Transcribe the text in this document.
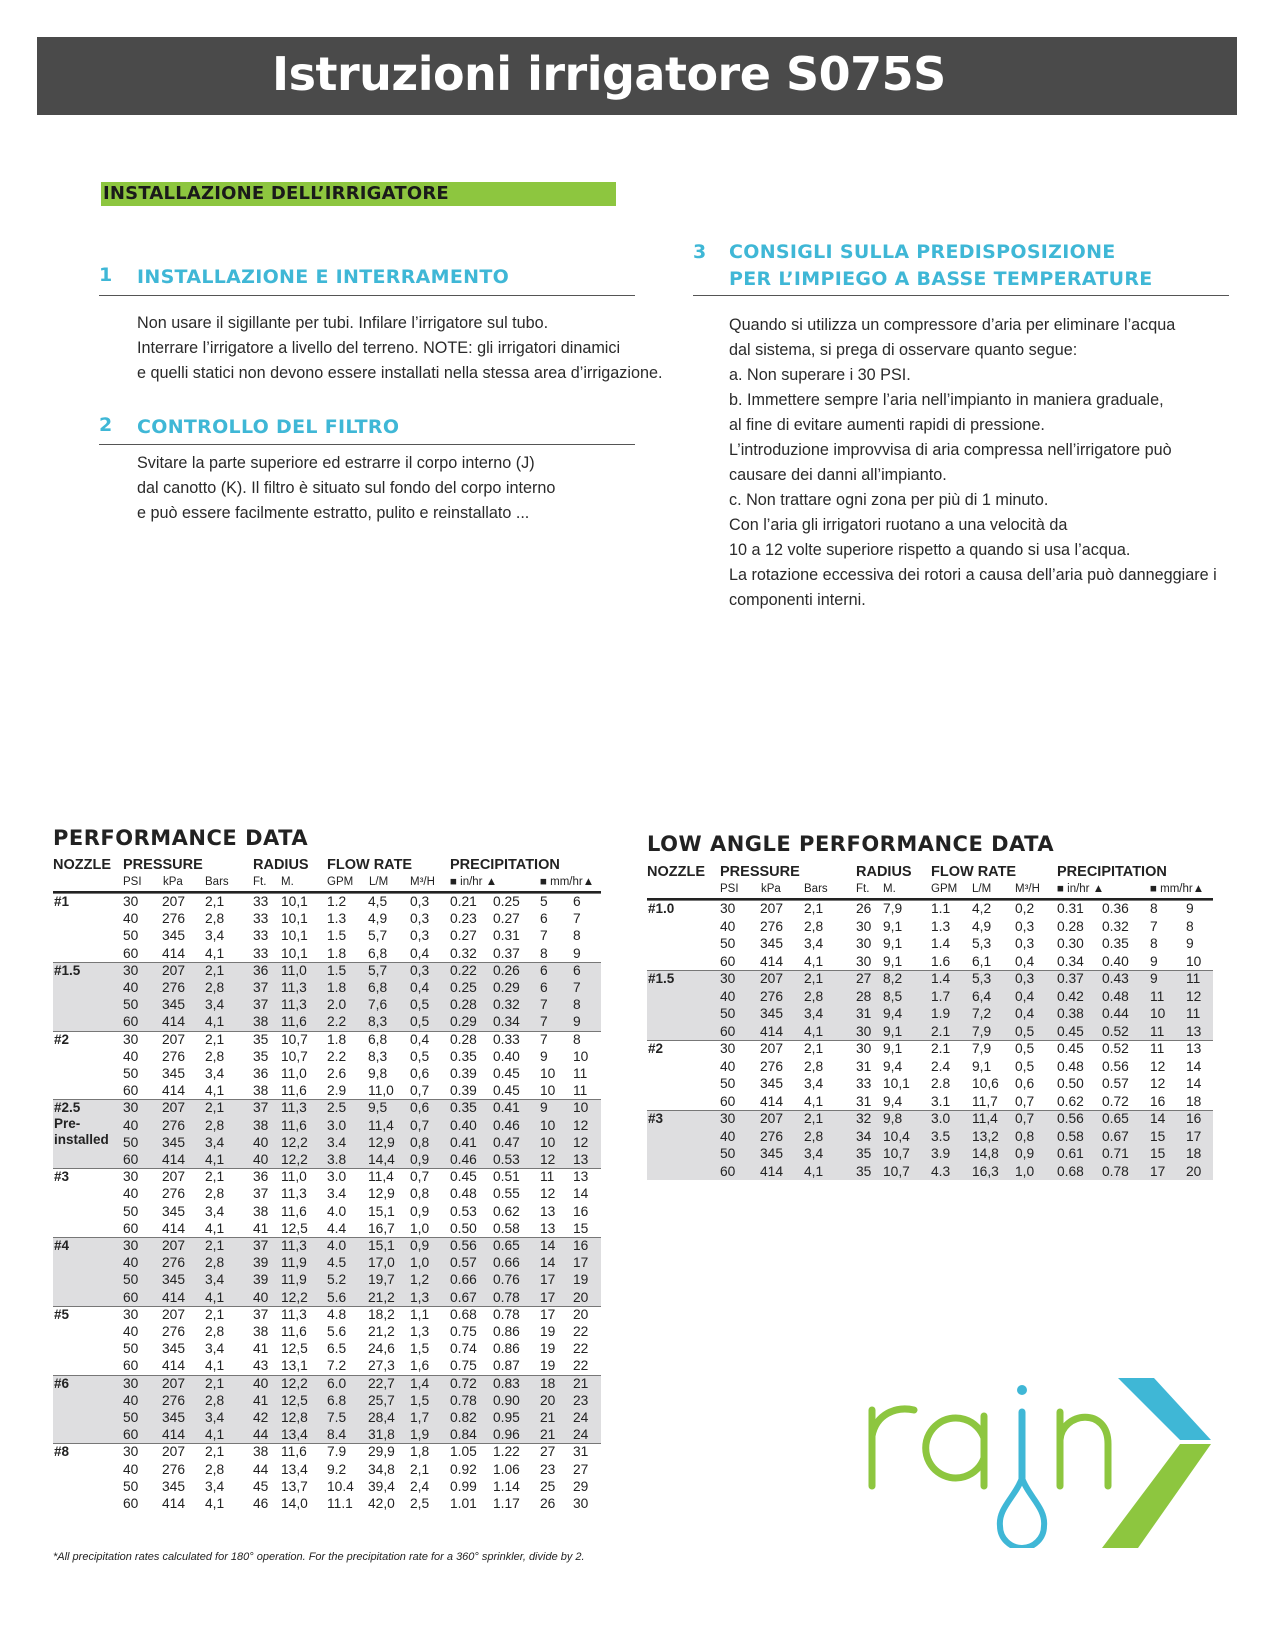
Istruzioni irrigatore S075S
INSTALLAZIONE DELL’IRRIGATORE
1 INSTALLAZIONE E INTERRAMENTO
Non usare il sigillante per tubi. Infilare l’irrigatore sul tubo.
Interrare l’irrigatore a livello del terreno. NOTE: gli irrigatori dinamici
e quelli statici non devono essere installati nella stessa area d’irrigazione.
2 CONTROLLO DEL FILTRO
Svitare la parte superiore ed estrarre il corpo interno (J)
dal canotto (K). Il filtro è situato sul fondo del corpo interno
e può essere facilmente estratto, pulito e reinstallato ...
3 CONSIGLI SULLA PREDISPOSIZIONE
PER L’IMPIEGO A BASSE TEMPERATURE
Quando si utilizza un compressore d’aria per eliminare l’acqua
dal sistema, si prega di osservare quanto segue:
a. Non superare i 30 PSI.
b. Immettere sempre l’aria nell’impianto in maniera graduale,
al fine di evitare aumenti rapidi di pressione.
L’introduzione improvvisa di aria compressa nell’irrigatore può
causare dei danni all’impianto.
c. Non trattare ogni zona per più di 1 minuto.
Con l’aria gli irrigatori ruotano a una velocità da
10 a 12 volte superiore rispetto a quando si usa l’acqua.
La rotazione eccessiva dei rotori a causa dell’aria può danneggiare i
componenti interni.
PERFORMANCE DATA
NOZZLE PRESSURE	RADIUS FLOW RATE	PRECIPITATION
PSI kPa Bars Ft. M.	GPM L/M M³/H ■ in/hr ▲	■ mm/hr▲
#1	30 207 2,1 33 10,1 1.2 4,5 0,3 0.21 0.25 5 6
40 276 2,8 33 10,1 1.3 4,9 0,3 0.23 0.27 6 7
50 345 3,4 33 10,1 1.5 5,7 0,3 0.27 0.31 7 8
60 414 4,1 33 10,1 1.8 6,8 0,4 0.32 0.37 8 9
#1.5	30 207 2,1 36 11,0 1.5 5,7 0,3 0.22 0.26 6 6
40 276 2,8 37 11,3 1.8 6,8 0,4 0.25 0.29 6 7
50 345 3,4 37 11,3 2.0 7,6 0,5 0.28 0.32 7 8
60 414 4,1 38 11,6 2.2 8,3 0,5 0.29 0.34 7 9
#2	30 207 2,1 35 10,7 1.8 6,8 0,4 0.28 0.33 7 8
40 276 2,8 35 10,7 2.2 8,3 0,5 0.35 0.40 9 10
50 345 3,4 36 11,0 2.6 9,8 0,6 0.39 0.45 10 11
60 414 4,1 38 11,6 2.9 11,0 0,7 0.39 0.45 10 11
#2.5
Pre-
installed
30 207 2,1 37 11,3 2.5 9,5 0,6 0.35 0.41 9 10
40 276 2,8 38 11,6 3.0 11,4 0,7 0.40 0.46 10 12
50 345 3,4 40 12,2 3.4 12,9 0,8 0.41 0.47 10 12
60 414 4,1 40 12,2 3.8 14,4 0,9 0.46 0.53 12 13
#3	30 207 2,1 36 11,0 3.0 11,4 0,7 0.45 0.51 11 13
40 276 2,8 37 11,3 3.4 12,9 0,8 0.48 0.55 12 14
50 345 3,4 38 11,6 4.0 15,1 0,9 0.53 0.62 13 16
60 414 4,1 41 12,5 4.4 16,7 1,0 0.50 0.58 13 15
#4	30 207 2,1 37 11,3 4.0 15,1 0,9 0.56 0.65 14 16
40 276 2,8 39 11,9 4.5 17,0 1,0 0.57 0.66 14 17
50 345 3,4 39 11,9 5.2 19,7 1,2 0.66 0.76 17 19
60 414 4,1 40 12,2 5.6 21,2 1,3 0.67 0.78 17 20
#5	30 207 2,1 37 11,3 4.8 18,2 1,1 0.68 0.78 17 20
40 276 2,8 38 11,6 5.6 21,2 1,3 0.75 0.86 19 22
50 345 3,4 41 12,5 6.5 24,6 1,5 0.74 0.86 19 22
60 414 4,1 43 13,1 7.2 27,3 1,6 0.75 0.87 19 22
#6	30 207 2,1 40 12,2 6.0 22,7 1,4 0.72 0.83 18 21
40 276 2,8 41 12,5 6.8 25,7 1,5 0.78 0.90 20 23
50 345 3,4 42 12,8 7.5 28,4 1,7 0.82 0.95 21 24
60 414 4,1 44 13,4 8.4 31,8 1,9 0.84 0.96 21 24
#8	30 207 2,1 38 11,6 7.9 29,9 1,8 1.05 1.22 27 31
40 276 2,8 44 13,4 9.2 34,8 2,1 0.92 1.06 23 27
50 345 3,4 45 13,7 10.4 39,4 2,4 0.99 1.14 25 29
60 414 4,1 46 14,0 11.1 42,0 2,5 1.01 1.17 26 30
*All precipitation rates calculated for 180° operation. For the precipitation rate for a 360° sprinkler, divide by 2.
LOW ANGLE PERFORMANCE DATA
NOZZLE PRESSURE	RADIUS FLOW RATE	PRECIPITATION
PSI kPa Bars Ft. M.	GPM L/M M³/H ■ in/hr ▲	■ mm/hr▲
#1.0	30 207 2,1 26 7,9 1.1 4,2 0,2 0.31 0.36 8 9
40 276 2,8 30 9,1 1.3 4,9 0,3 0.28 0.32 7 8
50 345 3,4 30 9,1 1.4 5,3 0,3 0.30 0.35 8 9
60 414 4,1 30 9,1 1.6 6,1 0,4 0.34 0.40 9 10
#1.5	30 207 2,1 27 8,2 1.4 5,3 0,3 0.37 0.43 9 11
40 276 2,8 28 8,5 1.7 6,4 0,4 0.42 0.48 11 12
50 345 3,4 31 9,4 1.9 7,2 0,4 0.38 0.44 10 11
60 414 4,1 30 9,1 2.1 7,9 0,5 0.45 0.52 11 13
#2	30 207 2,1 30 9,1 2.1 7,9 0,5 0.45 0.52 11 13
40 276 2,8 31 9,4 2.4 9,1 0,5 0.48 0.56 12 14
50 345 3,4 33 10,1 2.8 10,6 0,6 0.50 0.57 12 14
60 414 4,1 31 9,4 3.1 11,7 0,7 0.62 0.72 16 18
#3	30 207 2,1 32 9,8 3.0 11,4 0,7 0.56 0.65 14 16
40 276 2,8 34 10,4 3.5 13,2 0,8 0.58 0.67 15 17
50 345 3,4 35 10,7 3.9 14,8 0,9 0.61 0.71 15 18
60 414 4,1 35 10,7 4.3 16,3 1,0 0.68 0.78 17 20
